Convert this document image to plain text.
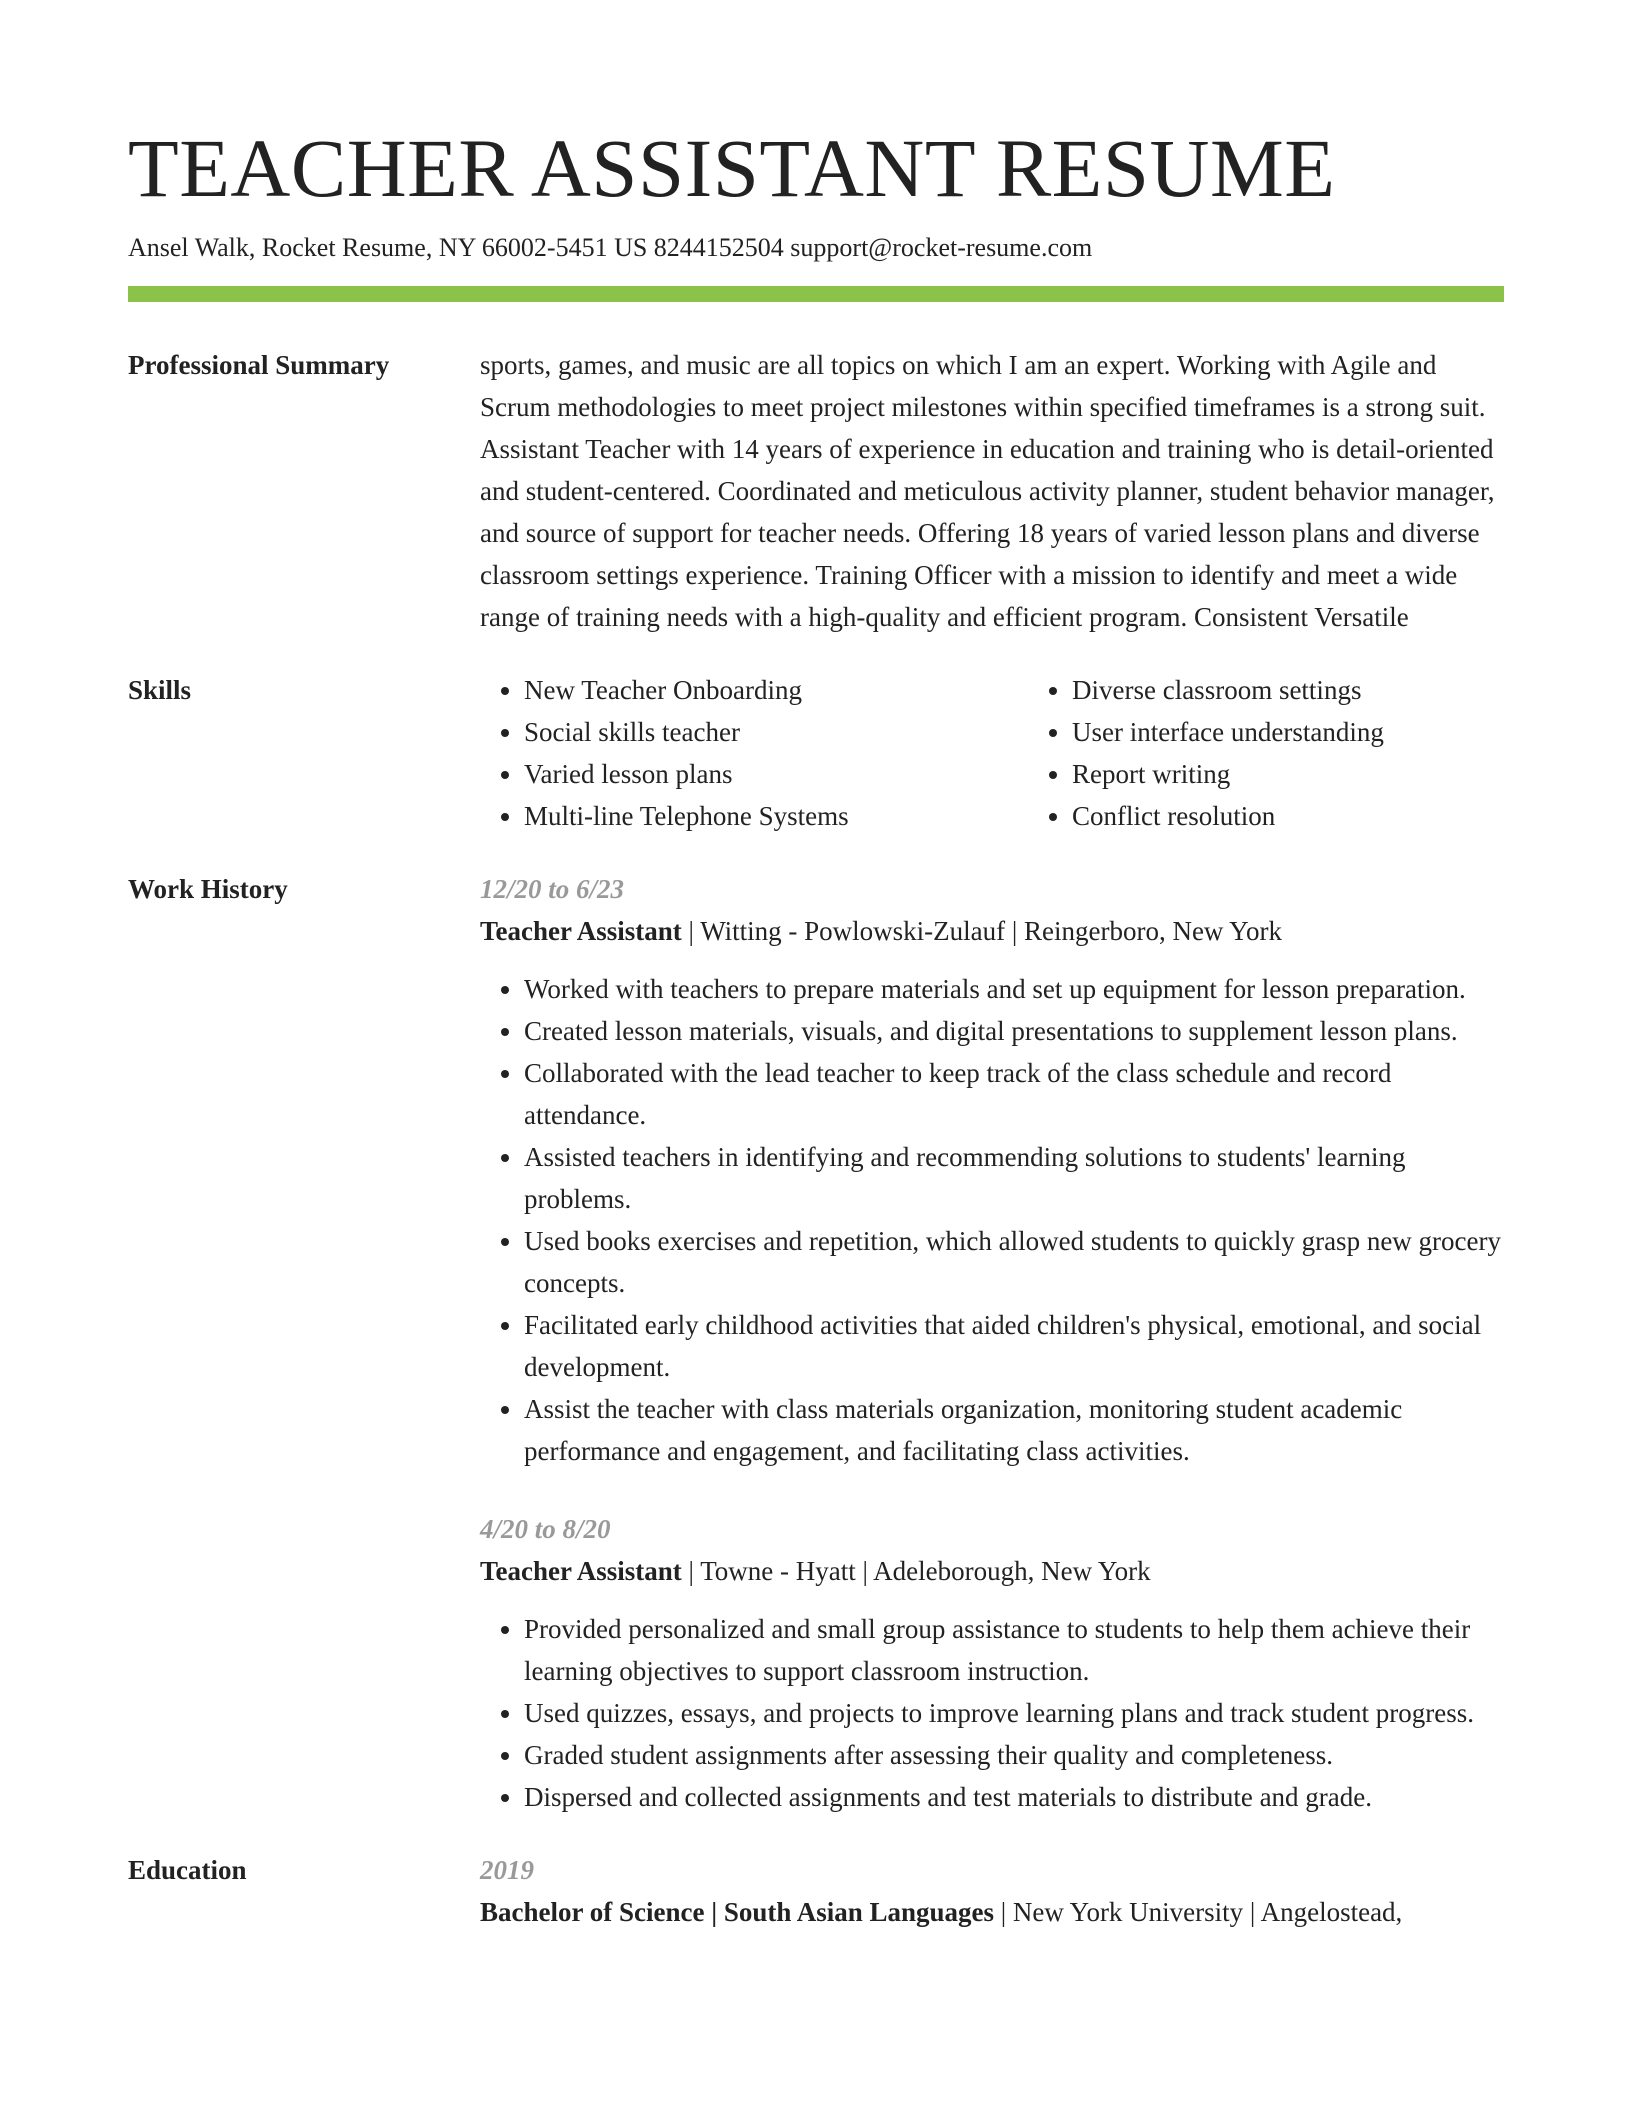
TEACHER ASSISTANT RESUME
Ansel Walk, Rocket Resume, NY 66002-5451 US 8244152504 support@rocket-resume.com
Professional Summary	sports, games, and music are all topics on which I am an expert. Working with Agile and Scrum methodologies to meet project milestones within specified timeframes is a strong suit. Assistant Teacher with 14 years of experience in education and training who is detail-oriented and student-centered. Coordinated and meticulous activity planner, student behavior manager, and source of support for teacher needs. Offering 18 years of varied lesson plans and diverse classroom settings experience. Training Officer with a mission to identify and meet a wide range of training needs with a high-quality and efficient program. Consistent Versatile

Skills
•	New Teacher Onboarding
• Social skills teacher
• Varied lesson plans
• Multi-line Telephone Systems
• Diverse classroom settings
• User interface understanding
• Report writing
• Conflict resolution
Work History	12/20 to 6/23
Teacher Assistant | Witting - Powlowski-Zulauf | Reingerboro, New York
• Worked with teachers to prepare materials and set up equipment for lesson preparation.
• Created lesson materials, visuals, and digital presentations to supplement lesson plans.
• Collaborated with the lead teacher to keep track of the class schedule and record attendance.
• Assisted teachers in identifying and recommending solutions to students' learning problems.
• Used books exercises and repetition, which allowed students to quickly grasp new grocery concepts.
• Facilitated early childhood activities that aided children's physical, emotional, and social development.
• Assist the teacher with class materials organization, monitoring student academic performance and engagement, and facilitating class activities.
4/20 to 8/20
Teacher Assistant | Towne - Hyatt | Adeleborough, New York
• Provided personalized and small group assistance to students to help them achieve their learning objectives to support classroom instruction.
• Used quizzes, essays, and projects to improve learning plans and track student progress.
• Graded student assignments after assessing their quality and completeness.
• Dispersed and collected assignments and test materials to distribute and grade.
Education	2019
Bachelor of Science | South Asian Languages | New York University | Angelostead,
